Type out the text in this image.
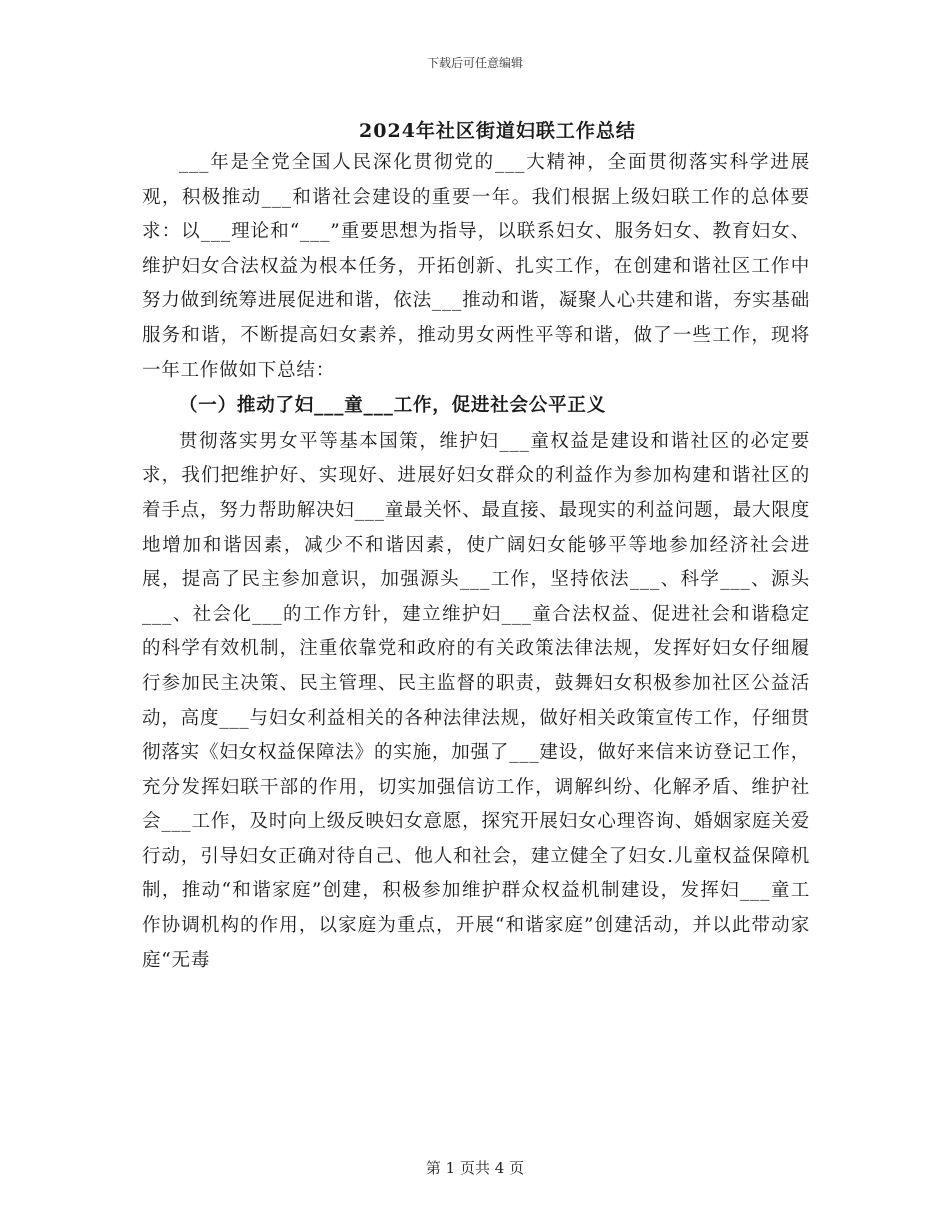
下载后可任意编辑
2024年社区街道妇联工作总结

___年是全党全国人民深化贯彻党的___大精神，全面贯彻落实科学进展观，积极推动___和谐社会建设的重要一年。我们根据上级妇联工作的总体要求：以___理论和“___”重要思想为指导，以联系妇女、服务妇女、教育妇女、维护妇女合法权益为根本任务，开拓创新、扎实工作，在创建和谐社区工作中努力做到统筹进展促进和谐，依法___推动和谐，凝聚人心共建和谐，夯实基础服务和谐，不断提高妇女素养，推动男女两性平等和谐，做了一些工作，现将一年工作做如下总结：

（一）推动了妇___童___工作，促进社会公平正义

贯彻落实男女平等基本国策，维护妇___童权益是建设和谐社区的必定要求，我们把维护好、实现好、进展好妇女群众的利益作为参加构建和谐社区的着手点，努力帮助解决妇___童最关怀、最直接、最现实的利益问题，最大限度地增加和谐因素，减少不和谐因素，使广阔妇女能够平等地参加经济社会进展，提高了民主参加意识，加强源头___工作，坚持依法___、科学___、源头___、社会化___的工作方针，建立维护妇___童合法权益、促进社会和谐稳定的科学有效机制，注重依靠党和政府的有关政策法律法规，发挥好妇女仔细履行参加民主决策、民主管理、民主监督的职责，鼓舞妇女积极参加社区公益活动，高度___与妇女利益相关的各种法律法规，做好相关政策宣传工作，仔细贯彻落实《妇女权益保障法》的实施，加强了___建设，做好来信来访登记工作，充分发挥妇联干部的作用，切实加强信访工作，调解纠纷、化解矛盾、维护社会___工作，及时向上级反映妇女意愿，探究开展妇女心理咨询、婚姻家庭关爱行动，引导妇女正确对待自己、他人和社会，建立健全了妇女.儿童权益保障机制，推动“和谐家庭”创建，积极参加维护群众权益机制建设，发挥妇___童工作协调机构的作用，以家庭为重点，开展“和谐家庭”创建活动，并以此带动家庭“无毒

第 1 页共 4 页
